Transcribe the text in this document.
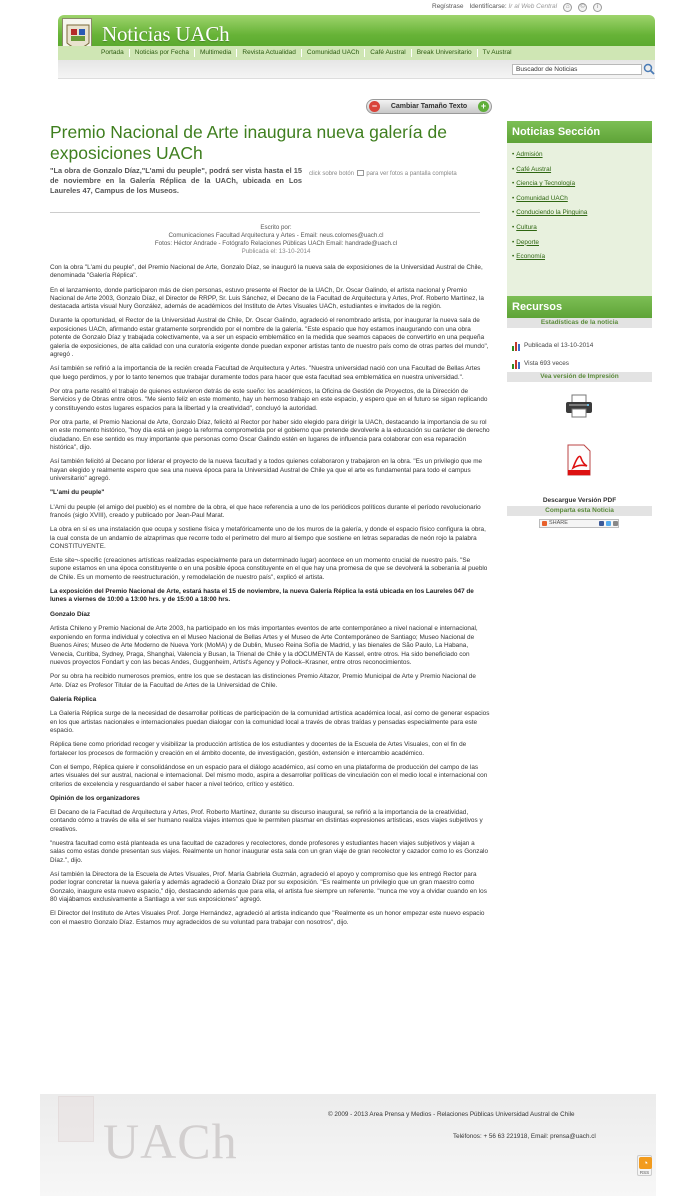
Regístrase Identifícarse: Ir al Web Central	⌂	©	i
Noticias UACh
Portada	Noticias por Fecha	Multimedia	Revista Actualidad	Comunidad UACh	Café Austral	Break Universitario	Tv Austral
Buscador de Noticias
−	Cambiar Tamaño Texto	+
Premio Nacional de Arte inaugura nueva galería de exposiciones UACh
"La obra de Gonzalo Díaz,"L'ami du peuple", podrá ser vista hasta el 15 de noviembre en la Galería Réplica de la UACh, ubicada en Los Laureles 47, Campus de los Museos.
click sobre botón para ver fotos a pantalla completa
Escrito por:
Comunicaciones Facultad Arquitectura y Artes - Email: neus.colomes@uach.cl
Fotos: Héctor Andrade - Fotógrafo Relaciones Públicas UACh Email: handrade@uach.cl
Publicada el: 13-10-2014

Con la obra "L'ami du peuple", del Premio Nacional de Arte, Gonzalo Díaz, se inauguró la nueva sala de exposiciones de la Universidad Austral de Chile, denominada "Galería Réplica".

En el lanzamiento, donde participaron más de cien personas, estuvo presente el Rector de la UACh, Dr. Oscar Galindo, el artista nacional y Premio Nacional de Arte 2003, Gonzalo Díaz, el Director de RRPP, Sr. Luis Sánchez, el Decano de la Facultad de Arquitectura y Artes, Prof. Roberto Martínez, la destacada artista visual Nury González, además de académicos del Instituto de Artes Visuales UACh, estudiantes e invitados de la región.

Durante la oportunidad, el Rector de la Universidad Austral de Chile, Dr. Oscar Galindo, agradeció el renombrado artista, por inaugurar la nueva sala de exposiciones UACh, afirmando estar gratamente sorprendido por el nombre de la galería. "Este espacio que hoy estamos inaugurando con una obra potente de Gonzalo Díaz y trabajada colectivamente, va a ser un espacio emblemático en la medida que seamos capaces de convertirlo en una pequeña galería de exposiciones, de alta calidad con una curatoría exigente donde puedan exponer artistas tanto de nuestro país como de otras partes del mundo", agregó .

Así también se refirió a la importancia de la recién creada Facultad de Arquitectura y Artes. "Nuestra universidad nació con una Facultad de Bellas Artes que luego perdimos, y por lo tanto tenemos que trabajar duramente todos para hacer que esta facultad sea emblemática en nuestra universidad.".

Por otra parte resaltó el trabajo de quienes estuvieron detrás de este sueño: los académicos, la Oficina de Gestión de Proyectos, de la Dirección de Servicios y de Obras entre otros. "Me siento feliz en este momento, hay un hermoso trabajo en este espacio, y espero que en el futuro se sigan replicando y constituyendo estos lugares espacios para la libertad y la creatividad", concluyó la autoridad.

Por otra parte, el Premio Nacional de Arte, Gonzalo Díaz, felicitó al Rector por haber sido elegido para dirigir la UACh, destacando la importancia de su rol en este momento histórico, "hoy día está en juego la reforma comprometida por el gobierno que pretende devolverle a la educación su carácter de derecho ciudadano. En ese sentido es muy importante que personas como Oscar Galindo estén en lugares de influencia para colaborar con esa reparación histórica", dijo.

Así también felicitó al Decano por liderar el proyecto de la nueva facultad y a todos quienes colaboraron y trabajaron en la obra. "Es un privilegio que me hayan elegido y realmente espero que sea una nueva época para la Universidad Austral de Chile ya que el arte es fundamental para todo el campus universitario" agregó.

"L'ami du peuple"

L'Ami du peuple (el amigo del pueblo) es el nombre de la obra, el que hace referencia a uno de los periódicos políticos durante el período revolucionario francés (siglo XVIII), creado y publicado por Jean-Paul Marat.

La obra en sí es una instalación que ocupa y sostiene física y metafóricamente uno de los muros de la galería, y donde el espacio físico configura la obra, la cual consta de un andamio de alzaprimas que recorre todo el perímetro del muro al tiempo que sostiene en letras separadas de neón rojo la palabra CONSTITUYENTE.

Este site¬-specific (creaciones artísticas realizadas especialmente para un determinado lugar) acontece en un momento crucial de nuestro país. "Se supone estamos en una época constituyente o en una posible época constituyente en el que hay una promesa de que se devolverá la soberanía al pueblo de Chile. Es un momento de reestructuración, y remodelación de nuestro país", explicó el artista.

La exposición del Premio Nacional de Arte, estará hasta el 15 de noviembre, la nueva Galería Réplica la está ubicada en los Laureles 047 de lunes a viernes de 10:00 a 13:00 hrs. y de 15:00 a 18:00 hrs.

Gonzalo Díaz

Artista Chileno y Premio Nacional de Arte 2003, ha participado en los más importantes eventos de arte contemporáneo a nivel nacional e internacional, exponiendo en forma individual y colectiva en el Museo Nacional de Bellas Artes y el Museo de Arte Contemporáneo de Santiago; Museo Nacional de Buenos Aires; Museo de Arte Moderno de Nueva York (MoMA) y de Dublin, Museo Reina Sofía de Madrid, y las bienales de São Paulo, La Habana, Venecia, Curitiba, Sydney, Praga, Shanghai, Valencia y Busan, la Trienal de Chile y la dOCUMENTA de Kassel, entre otros. Ha sido beneficiado con nuevos proyectos Fondart y con las becas Andes, Guggenheim, Artist's Agency y Pollock–Krasner, entre otros reconocimientos.

Por su obra ha recibido numerosos premios, entre los que se destacan las distinciones Premio Altazor, Premio Municipal de Arte y Premio Nacional de Arte. Díaz es Profesor Titular de la Facultad de Artes de la Universidad de Chile.

Galería Réplica

La Galería Réplica surge de la necesidad de desarrollar políticas de participación de la comunidad artística académica local, así como de generar espacios en los que artistas nacionales e internacionales puedan dialogar con la comunidad local a través de obras traídas y pensadas especialmente para este espacio.

Réplica tiene como prioridad recoger y visibilizar la producción artística de los estudiantes y docentes de la Escuela de Artes Visuales, con el fin de fortalecer los procesos de formación y creación en el ámbito docente, de investigación, gestión, extensión e intercambio académico.

Con el tiempo, Réplica quiere ir consolidándose en un espacio para el diálogo académico, así como en una plataforma de producción del campo de las artes visuales del sur austral, nacional e internacional. Del mismo modo, aspira a desarrollar políticas de vinculación con el medio local e internacional con criterios de excelencia y resguardando el saber hacer a nivel teórico, crítico y estético.

Opinión de los organizadores

El Decano de la Facultad de Arquitectura y Artes, Prof. Roberto Martínez, durante su discurso inaugural, se refirió a la importancia de la creatividad, contando cómo a través de ella el ser humano realiza viajes internos que le permiten plasmar en distintas expresiones artísticas, esos viajes subjetivos y creativos.

"nuestra facultad como está planteada es una facultad de cazadores y recolectores, donde profesores y estudiantes hacen viajes subjetivos y viajan a salas como estas donde presentan sus viajes. Realmente un honor inaugurar esta sala con un gran viaje de gran recolector y cazador como lo es Gonzalo Díaz.", dijo.

Así también la Directora de la Escuela de Artes Visuales, Prof. María Gabriela Guzmán, agradeció el apoyo y compromiso que les entregó Rector para poder lograr concretar la nueva galería y además agradeció a Gonzalo Díaz por su exposición. "Es realmente un privilegio que un gran maestro como Gonzalo, inaugure esta nuevo espacio," dijo, destacando además que para ella, el artista fue siempre un referente. "nunca me voy a olvidar cuando en los 80 viajábamos exclusivamente a Santiago a ver sus exposiciones" agregó.

El Director del Instituto de Artes Visuales Prof. Jorge Hernández, agradeció al artista indicando que "Realmente es un honor empezar este nuevo espacio con el maestro Gonzalo Díaz. Estamos muy agradecidos de su voluntad para trabajar con nosotros", dijo.

Noticias Sección
• Admisión
• Café Austral
• Ciencia y Tecnología
• Comunidad UACh
• Conduciendo la Pinguina
• Cultura
• Deporte
• Economía
Recursos
Estadísticas de la noticia
Publicada el 13-10-2014
Vista 693 veces
Vea versión de Impresión
Descargue Versión PDF
Comparta esta Noticia
SHARE
UACh	© 2009 - 2013 Area Prensa y Medios - Relaciones Públicas Universidad Austral de Chile
Teléfonos: + 56 63 221918, Email: prensa@uach.cl
◔
RSS
